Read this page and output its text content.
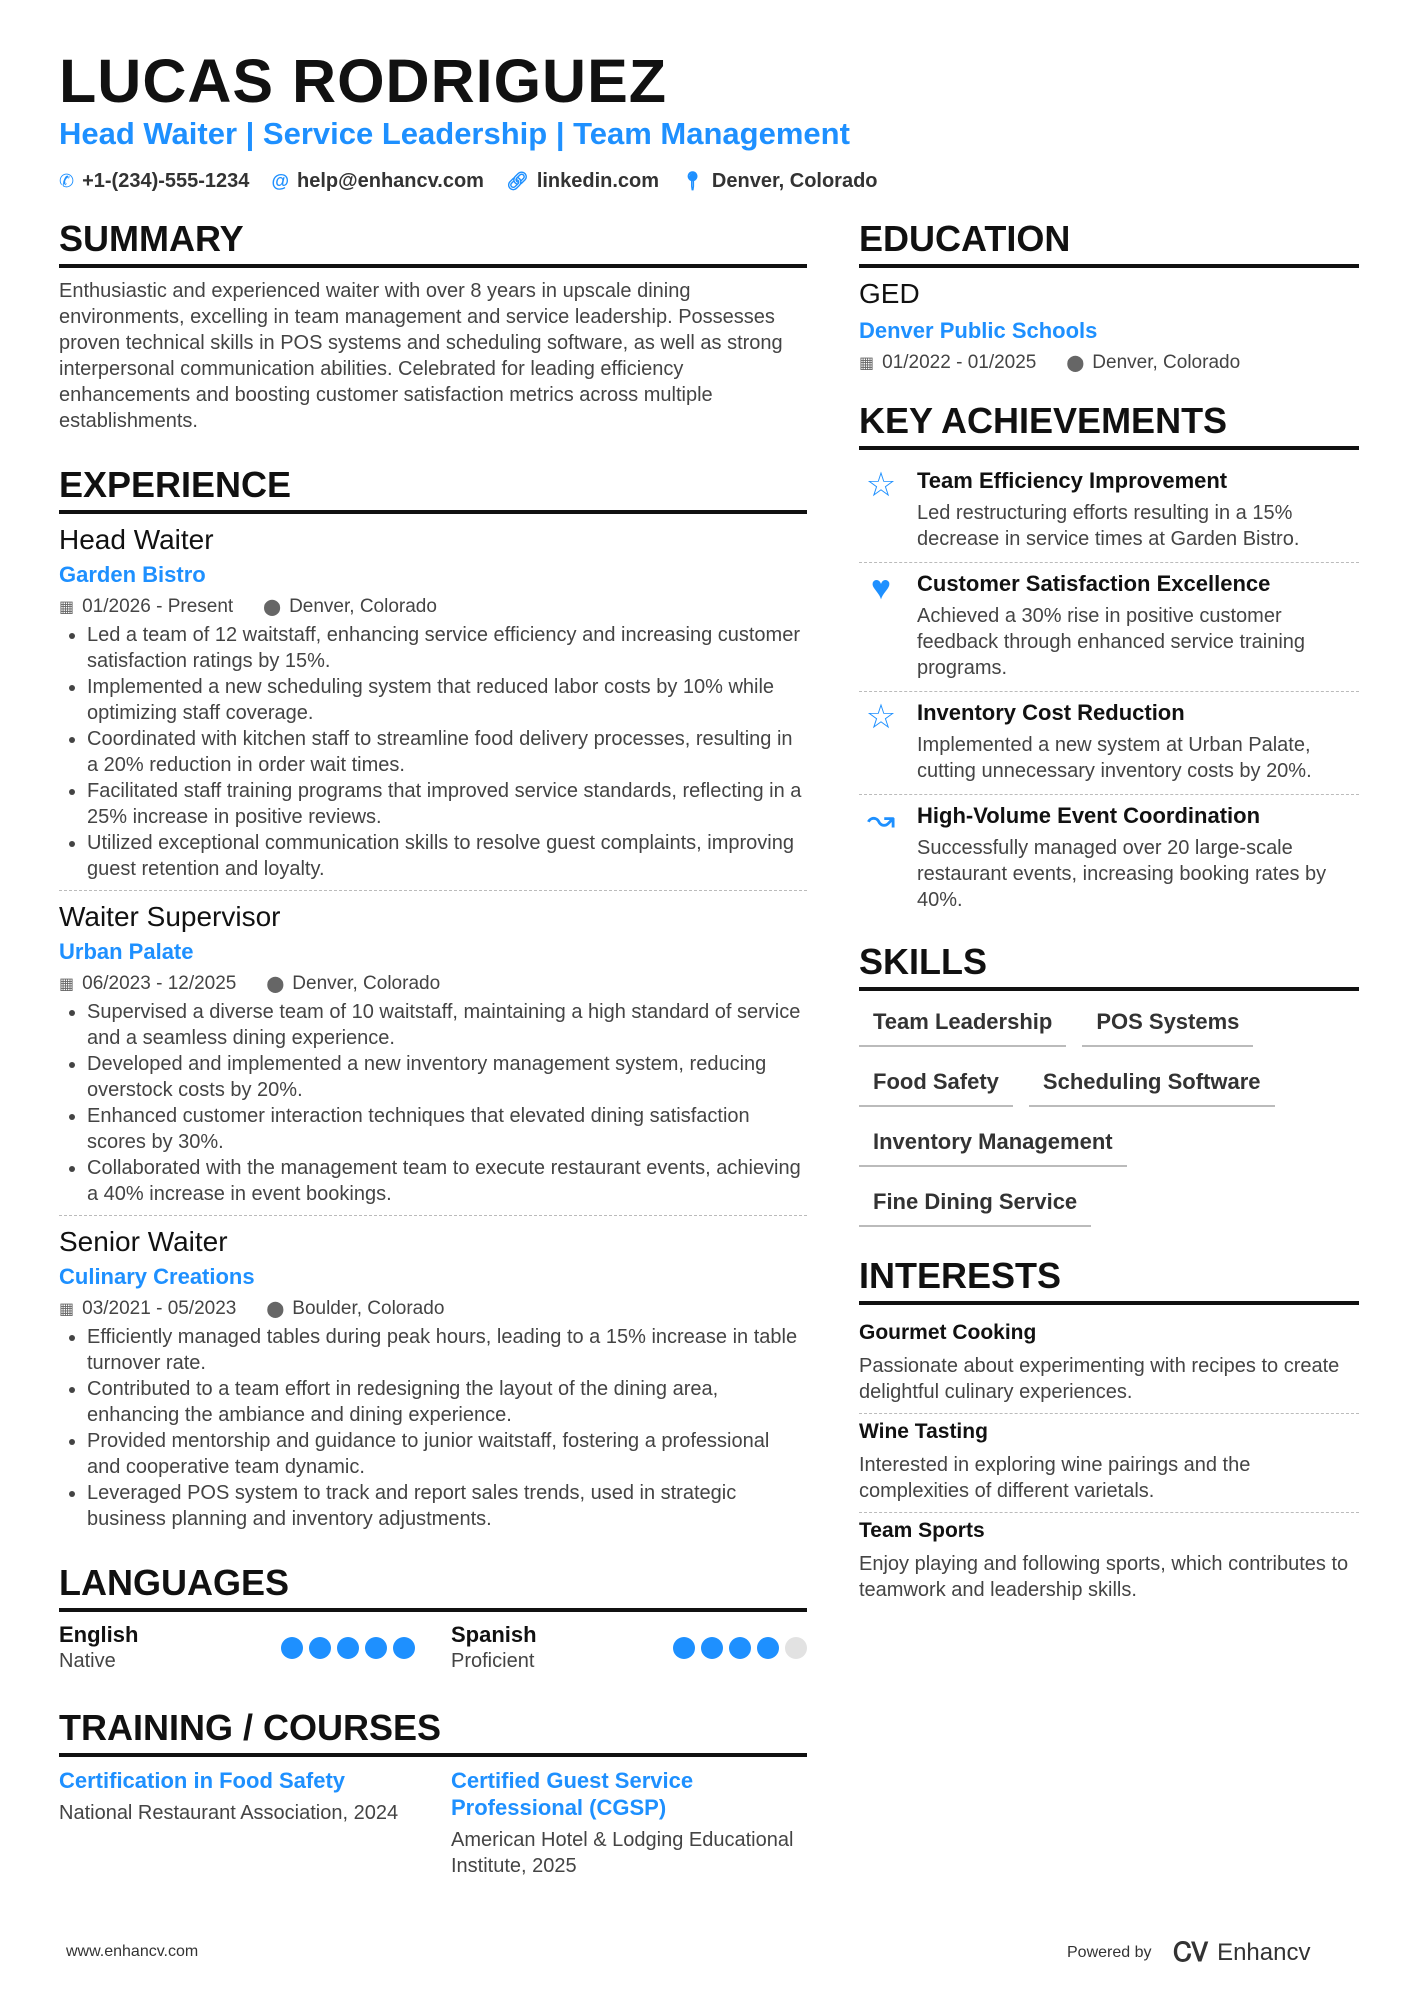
LUCAS RODRIGUEZ
Head Waiter | Service Leadership | Team Management
✆ +1-(234)-555-1234 @ help@enhancv.com 🔗︎ linkedin.com 📍︎ Denver, Colorado
SUMMARY
Enthusiastic and experienced waiter with over 8 years in upscale dining environments, excelling in team management and service leadership. Possesses proven technical skills in POS systems and scheduling software, as well as strong interpersonal communication abilities. Celebrated for leading efficiency enhancements and boosting customer satisfaction metrics across multiple establishments.
EXPERIENCE
Head Waiter
Garden Bistro
▦ 01/2026 - Present ⬤ Denver, Colorado
• Led a team of 12 waitstaff, enhancing service efficiency and increasing customer satisfaction ratings by 15%.
• Implemented a new scheduling system that reduced labor costs by 10% while optimizing staff coverage.
• Coordinated with kitchen staff to streamline food delivery processes, resulting in a 20% reduction in order wait times.
• Facilitated staff training programs that improved service standards, reflecting in a 25% increase in positive reviews.
• Utilized exceptional communication skills to resolve guest complaints, improving guest retention and loyalty.
Waiter Supervisor
Urban Palate
▦ 06/2023 - 12/2025 ⬤ Denver, Colorado
• Supervised a diverse team of 10 waitstaff, maintaining a high standard of service and a seamless dining experience.
• Developed and implemented a new inventory management system, reducing overstock costs by 20%.
• Enhanced customer interaction techniques that elevated dining satisfaction scores by 30%.
• Collaborated with the management team to execute restaurant events, achieving a 40% increase in event bookings.
Senior Waiter
Culinary Creations
▦ 03/2021 - 05/2023 ⬤ Boulder, Colorado
• Efficiently managed tables during peak hours, leading to a 15% increase in table turnover rate.
• Contributed to a team effort in redesigning the layout of the dining area, enhancing the ambiance and dining experience.
• Provided mentorship and guidance to junior waitstaff, fostering a professional and cooperative team dynamic.
• Leveraged POS system to track and report sales trends, used in strategic business planning and inventory adjustments.
LANGUAGES
English
Native
Spanish
Proficient
TRAINING / COURSES
Certification in Food Safety
National Restaurant Association, 2024
Certified Guest Service Professional (CGSP)
American Hotel & Lodging Educational Institute, 2025
EDUCATION
GED
Denver Public Schools
▦ 01/2022 - 01/2025 ⬤ Denver, Colorado
KEY ACHIEVEMENTS
☆ Team Efficiency Improvement
Led restructuring efforts resulting in a 15% decrease in service times at Garden Bistro.
♥	Customer Satisfaction Excellence
Achieved a 30% rise in positive customer feedback through enhanced service training programs.
☆ Inventory Cost Reduction
Implemented a new system at Urban Palate, cutting unnecessary inventory costs by 20%.
↝ High-Volume Event Coordination
Successfully managed over 20 large-scale restaurant events, increasing booking rates by 40%.
SKILLS
Team Leadership	POS Systems
Food Safety	Scheduling Software
Inventory Management
Fine Dining Service
INTERESTS
Gourmet Cooking
Passionate about experimenting with recipes to create delightful culinary experiences.
Wine Tasting
Interested in exploring wine pairings and the complexities of different varietals.
Team Sports
Enjoy playing and following sports, which contributes to teamwork and leadership skills.
www.enhancv.com	Powered by ᏟᏙ Enhancv
